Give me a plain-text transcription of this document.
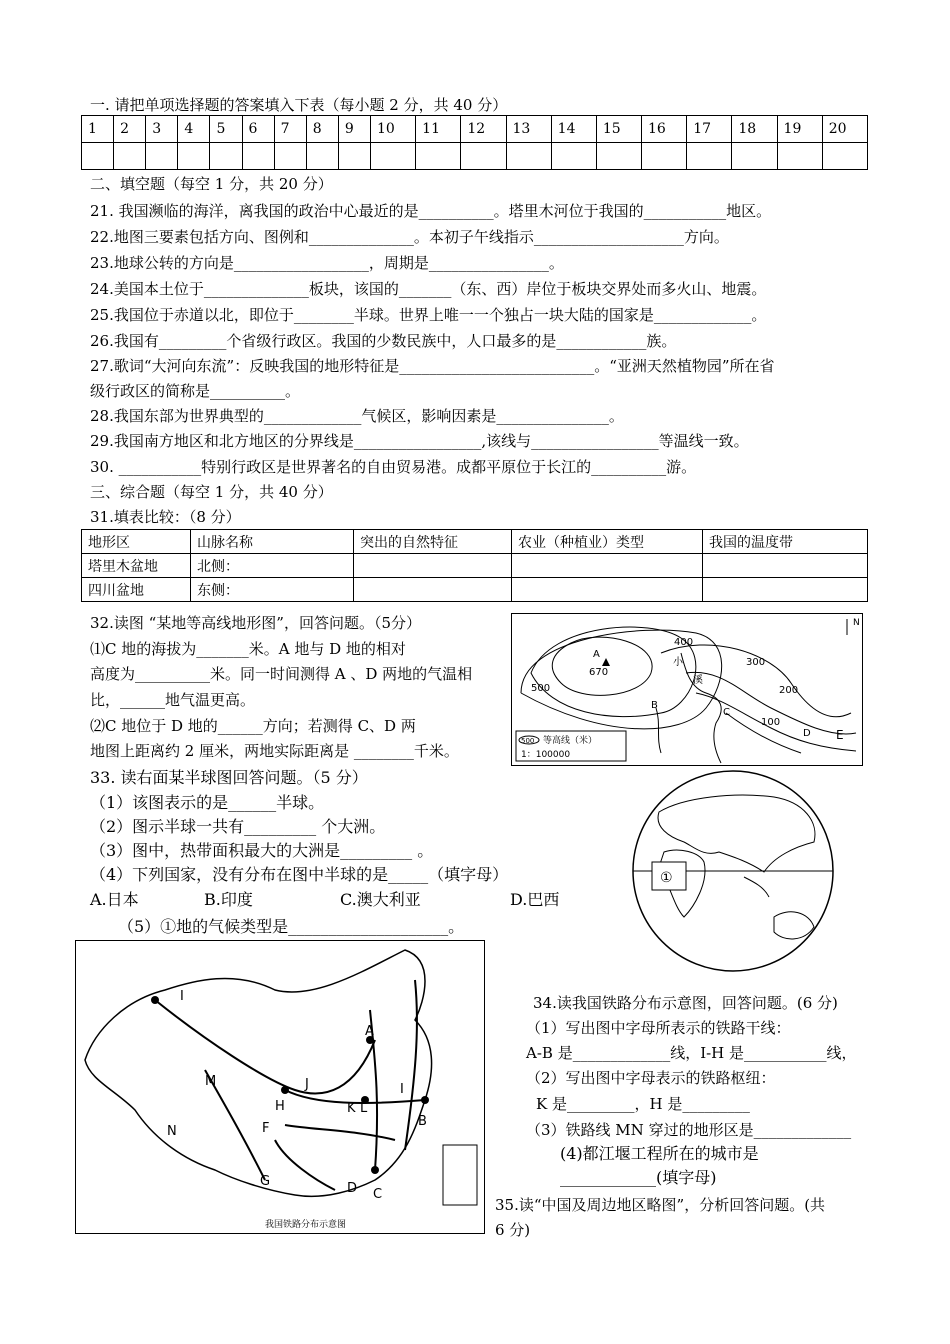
一. 请把单项选择题的答案填入下表（每小题 2 分，共 40 分）
1	2	3	4	5	6	7	8	9	10	11	12	13	14	15	16	17	18	19	20

二、填空题（每空 1 分，共 20 分）
21. 我国濒临的海洋，离我国的政治中心最近的是__________。塔里木河位于我国的___________地区。
22.地图三要素包括方向、图例和______________。本初子午线指示____________________方向。
23.地球公转的方向是__________________，周期是________________。
24.美国本土位于______________板块，该国的_______（东、西）岸位于板块交界处而多火山、地震。
25.我国位于赤道以北，即位于________半球。世界上唯一一个独占一块大陆的国家是_____________。
26.我国有_________个省级行政区。我国的少数民族中，人口最多的是____________族。
27.歌词“大河向东流”：反映我国的地形特征是__________________________。“亚洲天然植物园”所在省
级行政区的简称是__________。
28.我国东部为世界典型的_____________气候区，影响因素是_______________。
29.我国南方地区和北方地区的分界线是_________________,该线与_________________等温线一致。
30. ___________特别行政区是世界著名的自由贸易港。成都平原位于长江的__________游。
三、综合题（每空 1 分，共 40 分）
31.填表比较：（8 分）
地形区	山脉名称	突出的自然特征	农业（种植业）类型	我国的温度带
塔里木盆地	北侧：			
四川盆地	东侧：			
32.读图 “某地等高线地形图”，回答问题。（5分）
⑴C 地的海拔为_______米。A 地与 D 地的相对
高度为__________米。同一时间测得 A 、D 两地的气温相
比，______地气温更高。
⑵C 地位于 D 地的______方向；若测得 C、D 两
地图上距离约 2 厘米，两地实际距离是 ________千米。
A
670
400
300
200
100
500
小
溪
B
C
D E
N
500 等高线（米）
1：100000
33. 读右面某半球图回答问题。（5 分）
（1）该图表示的是______半球。
（2）图示半球一共有_________ 个大洲。
（3）图中，热带面积最大的大洲是_________ 。
（4）下列国家，没有分布在图中半球的是_____（填字母）
A.日本	B.印度	C.澳大利亚	D.巴西
（5）①地的气候类型是____________________。
①
I
A
M
H
J
K L
I
B
N	F
G	D C
我国铁路分布示意图
34.读我国铁路分布示意图，回答问题。(6 分)
（1）写出图中字母所表示的铁路干线：
A-B 是_____________线，I-H 是___________线，
（2）写出图中字母表示的铁路枢纽：
K 是_________，H 是_________
（3）铁路线 MN 穿过的地形区是_____________
(4)都江堰工程所在的城市是
____________(填字母)
35.读“中国及周边地区略图”，分析回答问题。(共
6 分)
